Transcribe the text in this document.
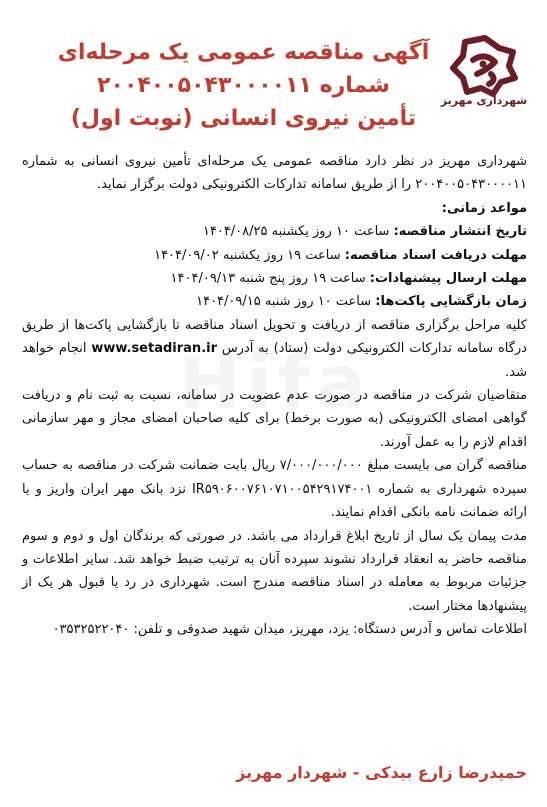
آگهی مناقصه عمومی یک مرحله‌ای
شماره ۲۰۰۴۰۰۵۰۴۳۰۰۰۰۱۱
تأمین نیروی انسانی (نوبت اول)
شهرداری مهریز

شهرداری مهریز در نظر دارد مناقصه عمومی یک مرحله‌ای تأمین نیروی انسانی به شماره ۲۰۰۴۰۰۵۰۴۳۰۰۰۰۱۱ را از طریق سامانه تدارکات الکترونیکی دولت برگزار نماید.

مواعد زمانی:

تاریخ انتشار مناقصه: ساعت ۱۰ روز یکشنبه ۱۴۰۴/۰۸/۲۵

مهلت دریافت اسناد مناقصه: ساعت ۱۹ روز یکشنبه ۱۴۰۴/۰۹/۰۲

مهلت ارسال پیشنهادات: ساعت ۱۹ روز پنج شنبه ۱۴۰۴/۰۹/۱۳

زمان بازگشایی پاکت‌ها: ساعت ۱۰ روز شنبه ۱۴۰۴/۰۹/۱۵

کلیه مراحل برگزاری مناقصه از دریافت و تحویل اسناد مناقصه تا بازگشایی پاکت‌ها از طریق درگاه سامانه تدارکات الکترونیکی دولت (ستاد) به آدرس www.setadiran.ir انجام خواهد شد.

متقاضیان شرکت در مناقصه در صورت عدم عضویت در سامانه، نسبت به ثبت نام و دریافت گواهی امضای الکترونیکی (به صورت برخط) برای کلیه صاحبان امضای مجاز و مهر سازمانی اقدام لازم را به عمل آورند.

مناقصه گران می بایست مبلغ ۷/۰۰۰/۰۰۰/۰۰۰ ریال بابت ضمانت شرکت در مناقصه به حساب سپرده شهرداری به شماره IR۵۹۰۶۰۰۷۶۱۰۷۱۰۰۵۴۲۹۱۷۴۰۰۱ نزد بانک مهر ایران واریز و یا ارائه ضمانت نامه بانکی اقدام نمایند.

مدت پیمان یک سال از تاریخ ابلاغ قرارداد می باشد. در صورتی که برندگان اول و دوم و سوم مناقصه حاضر به انعقاد قرارداد نشوند سپرده آنان به ترتیب ضبط خواهد شد. سایر اطلاعات و جزئیات مربوط به معامله در اسناد مناقصه مندرج است. شهرداری در رد یا قبول هر یک از پیشنهادها مختار است.

اطلاعات تماس و آدرس دستگاه: یزد، مهریز، میدان شهید صدوقی و تلفن: ۰۳۵۳۲۵۲۲۰۴۰

حمیدرضا زارع بیدکی - شهردار مهریز
